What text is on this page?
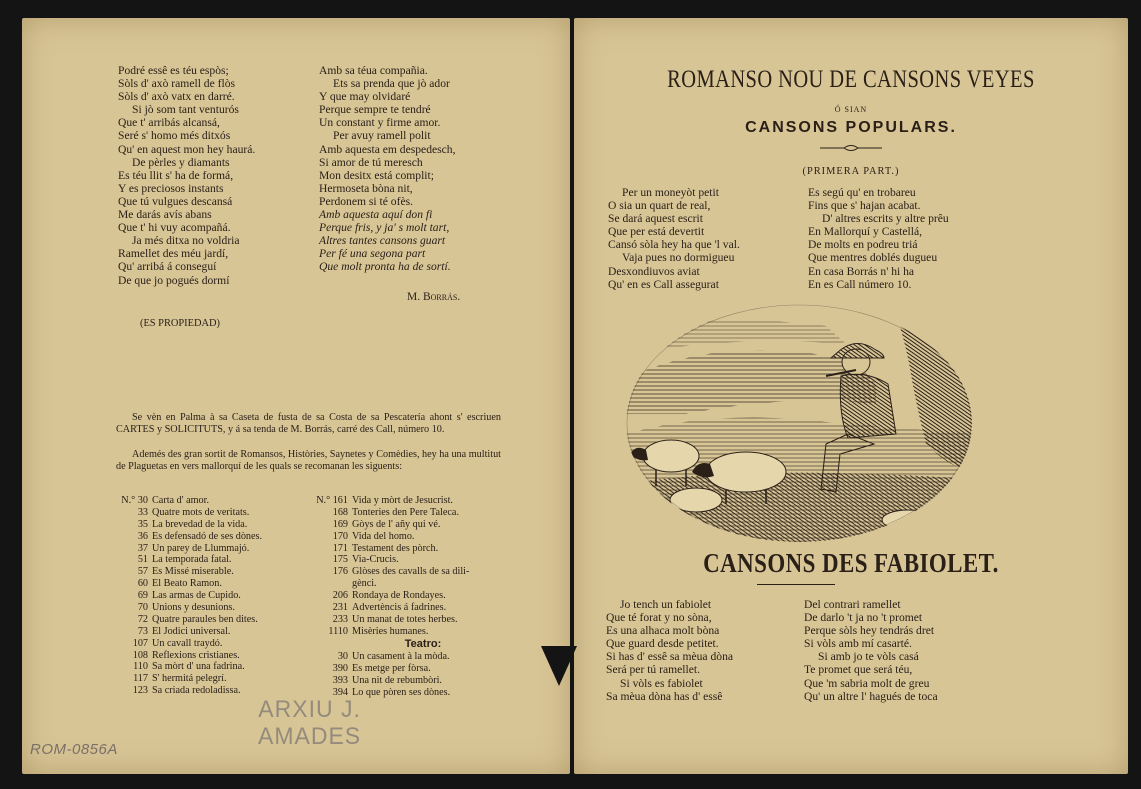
Podré essê es téu espòs;
Sòls d' axò ramell de flòs
Sòls d' axò vatx en darré.
Si jò som tant venturós
Que t' arribás alcansá,
Seré s' homo més ditxós
Qu' en aquest mon hey haurá.
De pèrles y diamants
Es téu llit s' ha de formá,
Y es preciosos instants
Que tú vulgues descansá
Me darás avís abans
Que t' hi vuy acompañá.
Ja més ditxa no voldria
Ramellet des méu jardí,
Qu' arribá á conseguí
De que jo pogués dormí
Amb sa téua compañia.
Ets sa prenda que jò ador
Y que may olvidaré
Perque sempre te tendré
Un constant y firme amor.
Per avuy ramell polit
Amb aquesta em despedesch,
Si amor de tú meresch
Mon desitx está complit;
Hermoseta bòna nit,
Perdonem si té ofès.
Amb aquesta aquí don fi
Perque fris, y ja' s molt tart,
Altres tantes cansons guart
Per fé una segona part
Que molt pronta ha de sortí.
M. Borrás.
(ES PROPIEDAD)
Se vèn en Palma à sa Caseta de fusta de sa Costa de sa Pescatería ahont s' escriuen CARTES y SOLICITUTS, y á sa tenda de M. Borrás, carré des Call, número 10.
Ademés des gran sortit de Romansos, Històries, Saynetes y Comèdies, hey ha una multitut de Plaguetas en vers mallorquí de les quals se recomanan les siguents:
N.° 30 Carta d' amor.
33 Quatre mots de veritats.
35 La brevedad de la vida.
36 Es defensadó de ses dònes.
37 Un parey de Llummajó.
51 La temporada fatal.
57 Es Missé miserable.
60 El Beato Ramon.
69 Las armas de Cupido.
70 Unions y desunions.
72 Quatre paraules ben dites.
73 El Jodici universal.
107 Un cavall traydó.
108 Reflexions cristianes.
110 Sa mòrt d' una fadrina.
117 S' hermitá pelegrí.
123 Sa criada redoladissa.
N.° 161 Vida y mòrt de Jesucrist.
168 Tonteries den Pere Taleca.
169 Gòys de l' añy qui vé.
170 Vida del homo.
171 Testament des pòrch.
175 Via-Crucis.
176 Glòses des cavalls de sa dili-
gènci.
206 Rondaya de Rondayes.
231 Advertèncis á fadrines.
233 Un manat de totes herbes.
1110 Misèries humanes.
Teatro:
30 Un casament à la mòda.
390 Es metge per fòrsa.
393 Una nit de rebumbòri.
394 Lo que pòren ses dònes.
ARXIU J.
AMADES
ROM-0856A
ROMANSO NOU DE CANSONS VEYES
Ó SIAN
CANSONS POPULARS.
(PRIMERA PART.)
Per un moneyòt petit
O sia un quart de real,
Se dará aquest escrit
Que per está devertit
Cansó sòla hey ha que 'l val.
Vaja pues no dormigueu
Desxondiuvos aviat
Qu' en es Call assegurat
Es segú qu' en trobareu
Fins que s' hajan acabat.
D' altres escrits y altre prêu
En Mallorquí y Castellá,
De molts en podreu triá
Que mentres doblés dugueu
En casa Borrás n' hi ha
En es Call número 10.
CANSONS DES FABIOLET.
Jo tench un fabiolet
Que té forat y no sòna,
Es una alhaca molt bòna
Que guard desde petitet.
Si has d' essê sa mèua dòna
Será per tú ramellet.
Si vòls es fabiolet
Sa mèua dòna has d' essê
Del contrari ramellet
De darlo 't ja no 't promet
Perque sòls hey tendrás dret
Si vòls amb mí casarté.
Si amb jo te vòls casá
Te promet que será téu,
Que 'm sabria molt de greu
Qu' un altre l' hagués de toca
